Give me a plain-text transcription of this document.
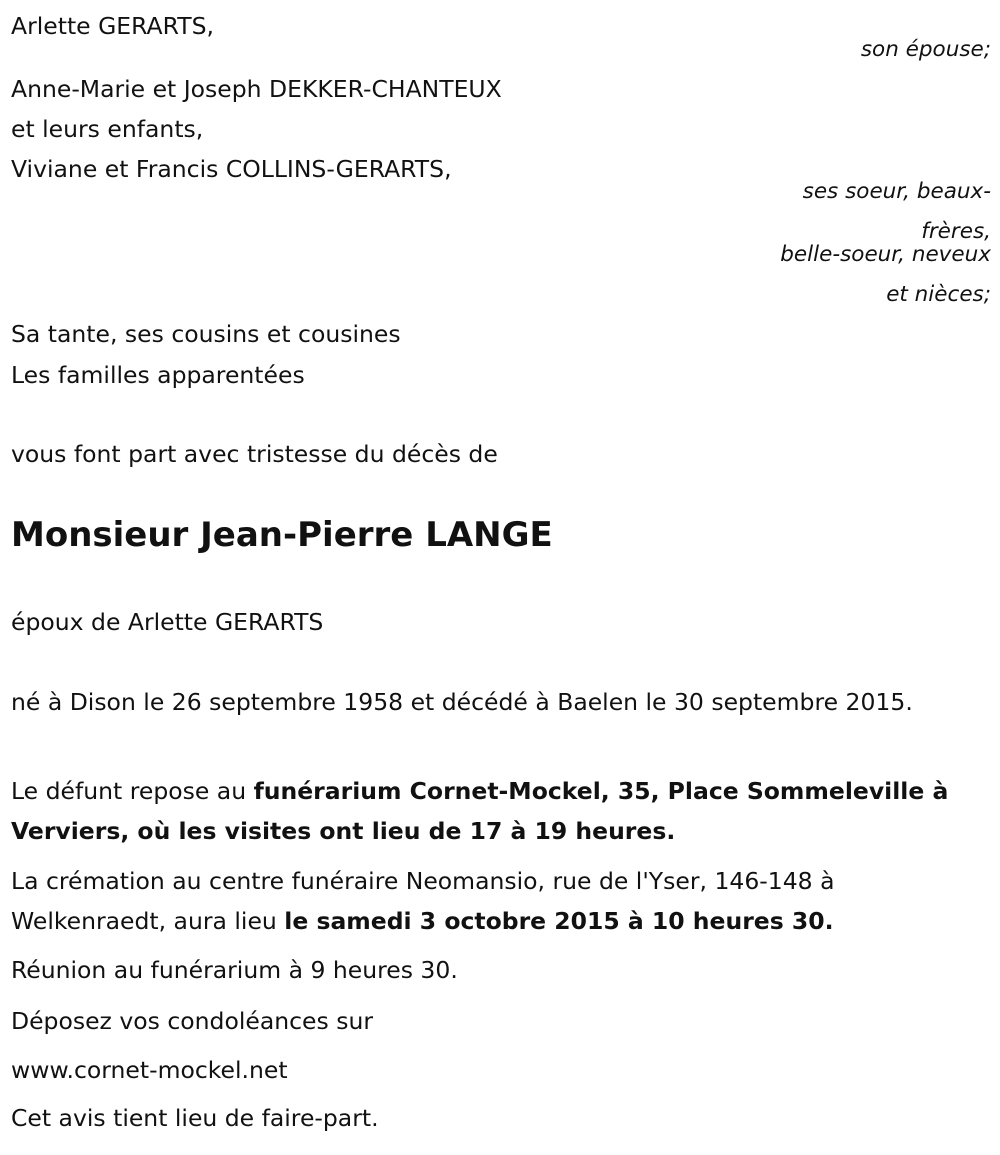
Arlette GERARTS,
son épouse;
Anne-Marie et Joseph DEKKER-CHANTEUX
et leurs enfants,
Viviane et Francis COLLINS-GERARTS,
ses soeur, beaux-
frères,
belle-soeur, neveux
et nièces;
Sa tante, ses cousins et cousines
Les familles apparentées
vous font part avec tristesse du décès de
Monsieur Jean-Pierre LANGE
époux de Arlette GERARTS
né à Dison le 26 septembre 1958 et décédé à Baelen le 30 septembre 2015.
Le défunt repose au funérarium Cornet-Mockel, 35, Place Sommeleville à Verviers, où les visites ont lieu de 17 à 19 heures.
La crémation au centre funéraire Neomansio, rue de l'Yser, 146-148 à Welkenraedt, aura lieu le samedi 3 octobre 2015 à 10 heures 30.
Réunion au funérarium à 9 heures 30.
Déposez vos condoléances sur
www.cornet-mockel.net
Cet avis tient lieu de faire-part.
